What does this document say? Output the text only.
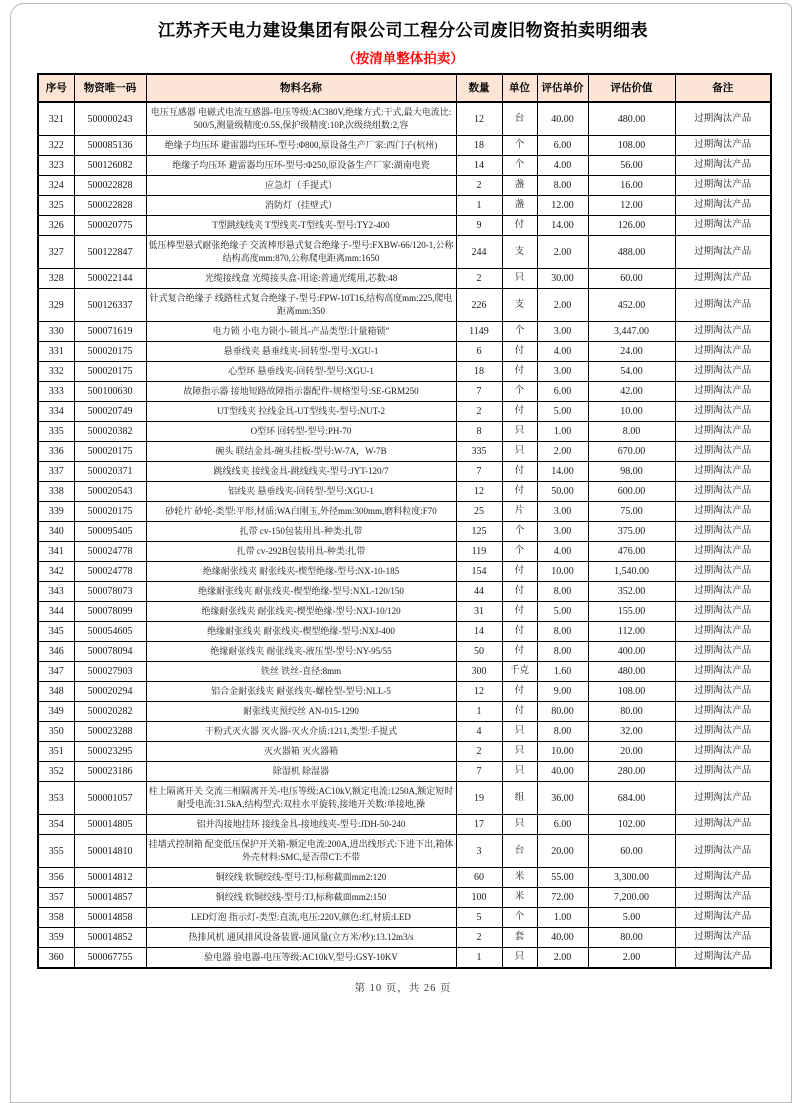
江苏齐天电力建设集团有限公司工程分公司废旧物资拍卖明细表
（按清单整体拍卖）
序号	物资唯一码	物料名称	数量	单位	评估单价	评估价值	备注
321	500000243	电压互感器 电磁式电流互感器-电压等级:AC380V,绝缘方式:干式,最大电流比:500/5,测量级精度:0.5S,保护级精度:10P,次级绕组数:2,容	12	台	40.00	480.00	过期淘汰产品
322	500085136	绝缘子均压环 避雷器均压环-型号:Φ800,原设备生产厂家:西门子(杭州)	18	个	6.00	108.00	过期淘汰产品
323	500126082	绝缘子均压环 避雷器均压环-型号:Φ250,原设备生产厂家:湖南电瓷	14	个	4.00	56.00	过期淘汰产品
324	500022828	应急灯（手提式）	2	盏	8.00	16.00	过期淘汰产品
325	500022828	消防灯（挂壁式）	1	盏	12.00	12.00	过期淘汰产品
326	500020775	T型跳线线夹 T型线夹-T型线夹-型号:TY2-400	9	付	14.00	126.00	过期淘汰产品
327	500122847	低压棒型悬式耐张绝缘子 交流棒形悬式复合绝缘子-型号:FXBW-66/120-1,公称结构高度mm:870,公称爬电距离mm:1650	244	支	2.00	488.00	过期淘汰产品
328	500022144	光缆接线盒 光缆接头盒-用途:普通光缆用,芯数:48	2	只	30.00	60.00	过期淘汰产品
329	500126337	针式复合绝缘子 线路柱式复合绝缘子-型号:FPW-10T16,结构高度mm:225,爬电距离mm:350	226	支	2.00	452.00	过期淘汰产品
330	500071619	电力锁 小电力锁小-锁具-产品类型:计量箱锁”	1149	个	3.00	3,447.00	过期淘汰产品
331	500020175	悬垂线夹 悬垂线夹-回转型-型号:XGU-1	6	付	4.00	24.00	过期淘汰产品
332	500020175	心型环 悬垂线夹-回转型-型号:XGU-1	18	付	3.00	54.00	过期淘汰产品
333	500100630	故障指示器 接地短路故障指示器配件-规格型号:SE-GRM250	7	个	6.00	42.00	过期淘汰产品
334	500020749	UT型线夹 拉线金具-UT型线夹-型号:NUT-2	2	付	5.00	10.00	过期淘汰产品
335	500020382	O型环 回转型-型号:PH-70	8	只	1.00	8.00	过期淘汰产品
336	500020175	碗头 联结金具-碗头挂板-型号:W-7A，W-7B	335	只	2.00	670.00	过期淘汰产品
337	500020371	跳线线夹 接线金具-跳线线夹-型号:JYT-120/7	7	付	14.00	98.00	过期淘汰产品
338	500020543	铝线夹 悬垂线夹-回转型-型号:XGU-1	12	付	50.00	600.00	过期淘汰产品
339	500020175	砂轮片 砂轮-类型:平形,材质:WA白刚玉,外径mm:300mm,磨料粒度:F70	25	片	3.00	75.00	过期淘汰产品
340	500095405	扎带 cv-150包装用具-种类:扎带	125	个	3.00	375.00	过期淘汰产品
341	500024778	扎带 cv-292B包装用具-种类:扎带	119	个	4.00	476.00	过期淘汰产品
342	500024778	绝缘耐张线夹 耐张线夹-楔型绝缘-型号:NX-10-185	154	付	10.00	1,540.00	过期淘汰产品
343	500078073	绝缘耐张线夹 耐张线夹-楔型绝缘-型号:NXL-120/150	44	付	8.00	352.00	过期淘汰产品
344	500078099	绝缘耐张线夹 耐张线夹-楔型绝缘-型号:NXJ-10/120	31	付	5.00	155.00	过期淘汰产品
345	500054605	绝缘耐张线夹 耐张线夹-楔型绝缘-型号:NXJ-400	14	付	8.00	112.00	过期淘汰产品
346	500078094	绝缘耐张线夹 耐张线夹-液压型-型号:NY-95/55	50	付	8.00	400.00	过期淘汰产品
347	500027903	铁丝 铁丝-直径:8mm	300	千克	1.60	480.00	过期淘汰产品
348	500020294	铝合金耐张线夹 耐张线夹-螺栓型-型号:NLL-5	12	付	9.00	108.00	过期淘汰产品
349	500020282	耐张线夹预绞丝 AN-015-1290	1	付	80.00	80.00	过期淘汰产品
350	500023288	干粉式灭火器 灭火器-灭火介质:1211,类型:手提式	4	只	8.00	32.00	过期淘汰产品
351	500023295	灭火器箱 灭火器箱	2	只	10.00	20.00	过期淘汰产品
352	500023186	除湿机 除湿器	7	只	40.00	280.00	过期淘汰产品
353	500001057	柱上隔离开关 交流三相隔离开关-电压等级:AC10kV,额定电流:1250A,额定短时耐受电流:31.5kA,结构型式:双柱水平旋转,接地开关数:单接地,操	19	组	36.00	684.00	过期淘汰产品
354	500014805	铝并沟接地挂环 接线金具-接地线夹-型号:JDH-50-240	17	只	6.00	102.00	过期淘汰产品
355	500014810	挂墙式控制箱 配变低压保护开关箱-额定电流:200A,进出线形式:下进下出,箱体外壳材料:SMC,是否带CT:不带	3	台	20.00	60.00	过期淘汰产品
356	500014812	铜绞线 软铜绞线-型号:TJ,标称截面mm2:120	60	米	55.00	3,300.00	过期淘汰产品
357	500014857	铜绞线 软铜绞线-型号:TJ,标称截面mm2:150	100	米	72.00	7,200.00	过期淘汰产品
358	500014858	LED灯泡 指示灯-类型:直流,电压:220V,颜色:红,材质:LED	5	个	1.00	5.00	过期淘汰产品
359	500014852	热排风机 通风排风设备装置-通风量(立方米/秒):13.12m3/s	2	套	40.00	80.00	过期淘汰产品
360	500067755	验电器 验电器-电压等级:AC10kV,型号:GSY-10KV	1	只	2.00	2.00	过期淘汰产品
第 10 页，共 26 页
